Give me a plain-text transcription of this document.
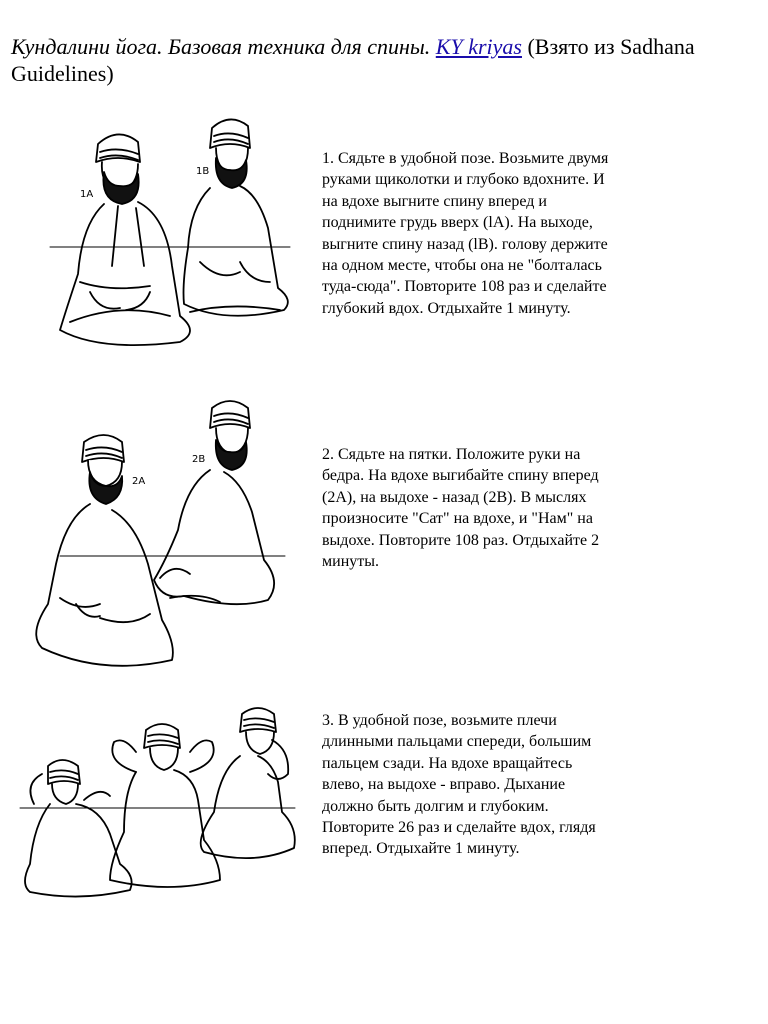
Кундалини йога. Базовая техника для спины. KY kriyas (Взято из Sadhana Guidelines)
1A
1B
1. Сядьте в удобной позе. Возьмите двумя руками щиколотки и глубоко вдохните. И на вдохе выгните спину вперед и поднимите грудь вверх (lA). На выходе, выгните спину назад (lB). голову держите на одном месте, чтобы она не "болталась туда-сюда". Повторите 108 раз и сделайте глубокий вдох. Отдыхайте 1 минуту.
2A
2B	2. Сядьте на пятки. Положите руки на бедра. На вдохе выгибайте спину вперед (2А), на выдохе - назад (2В). В мыслях произносите "Сат" на вдохе, и "Нам" на выдохе. Повторите 108 раз. Отдыхайте 2 минуты.
3. В удобной позе, возьмите плечи длинными пальцами спереди, большим пальцем сзади. На вдохе вращайтесь влево, на выдохе - вправо. Дыхание должно быть долгим и глубоким. Повторите 26 раз и сделайте вдох, глядя вперед. Отдыхайте 1 минуту.
